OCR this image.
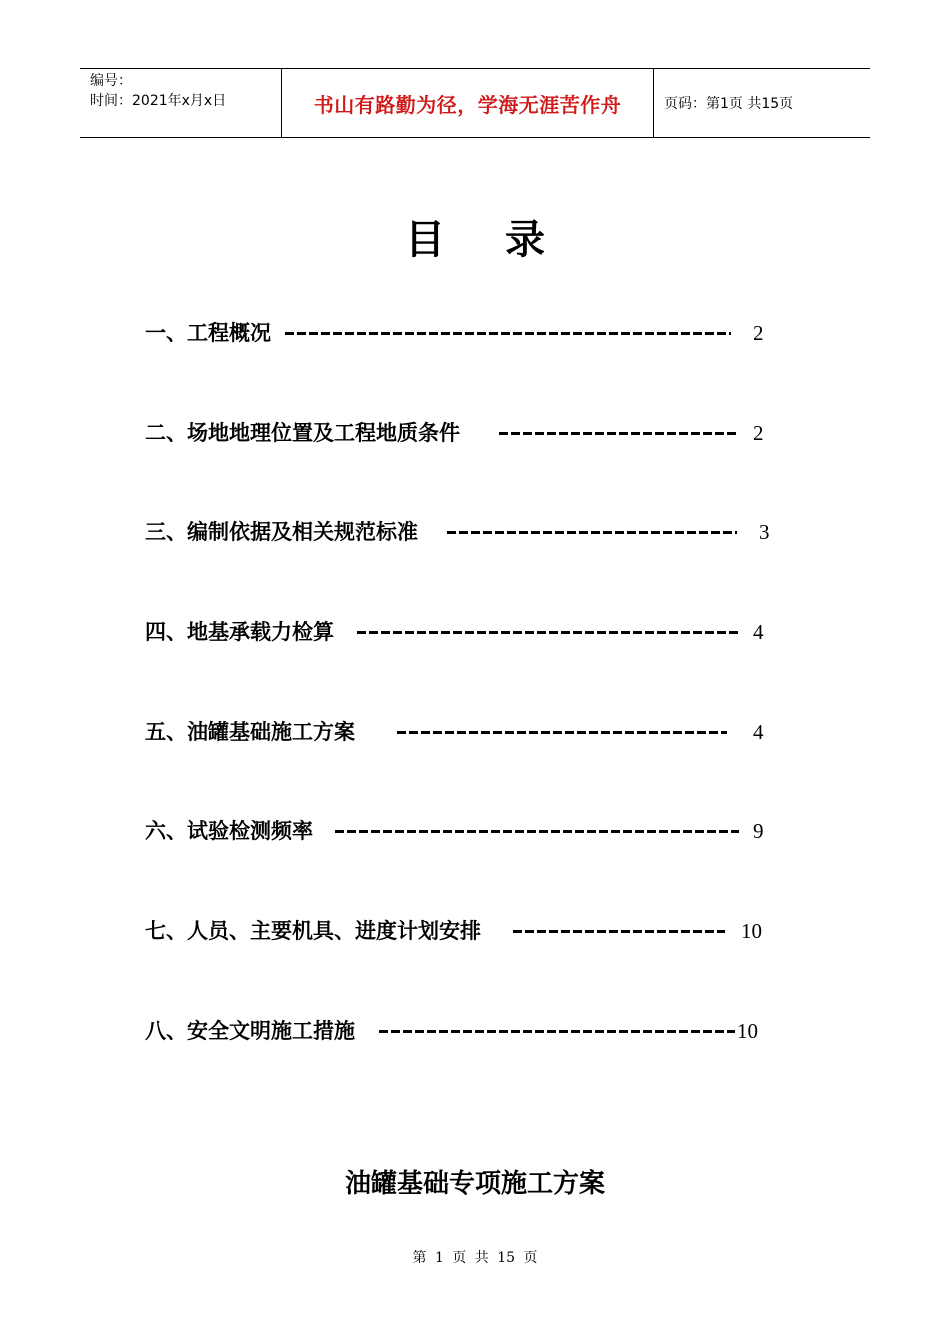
编号：
时间：2021年x月x日	书山有路勤为径，学海无涯苦作舟	页码：第1页 共15页
目录
一、工程概况	2
二、场地地理位置及工程地质条件	2
三、编制依据及相关规范标准	3
四、地基承载力检算	4
五、油罐基础施工方案	4
六、试验检测频率	9
七、人员、主要机具、进度计划安排	10
八、安全文明施工措施	10
油罐基础专项施工方案
第 1 页 共 15 页
